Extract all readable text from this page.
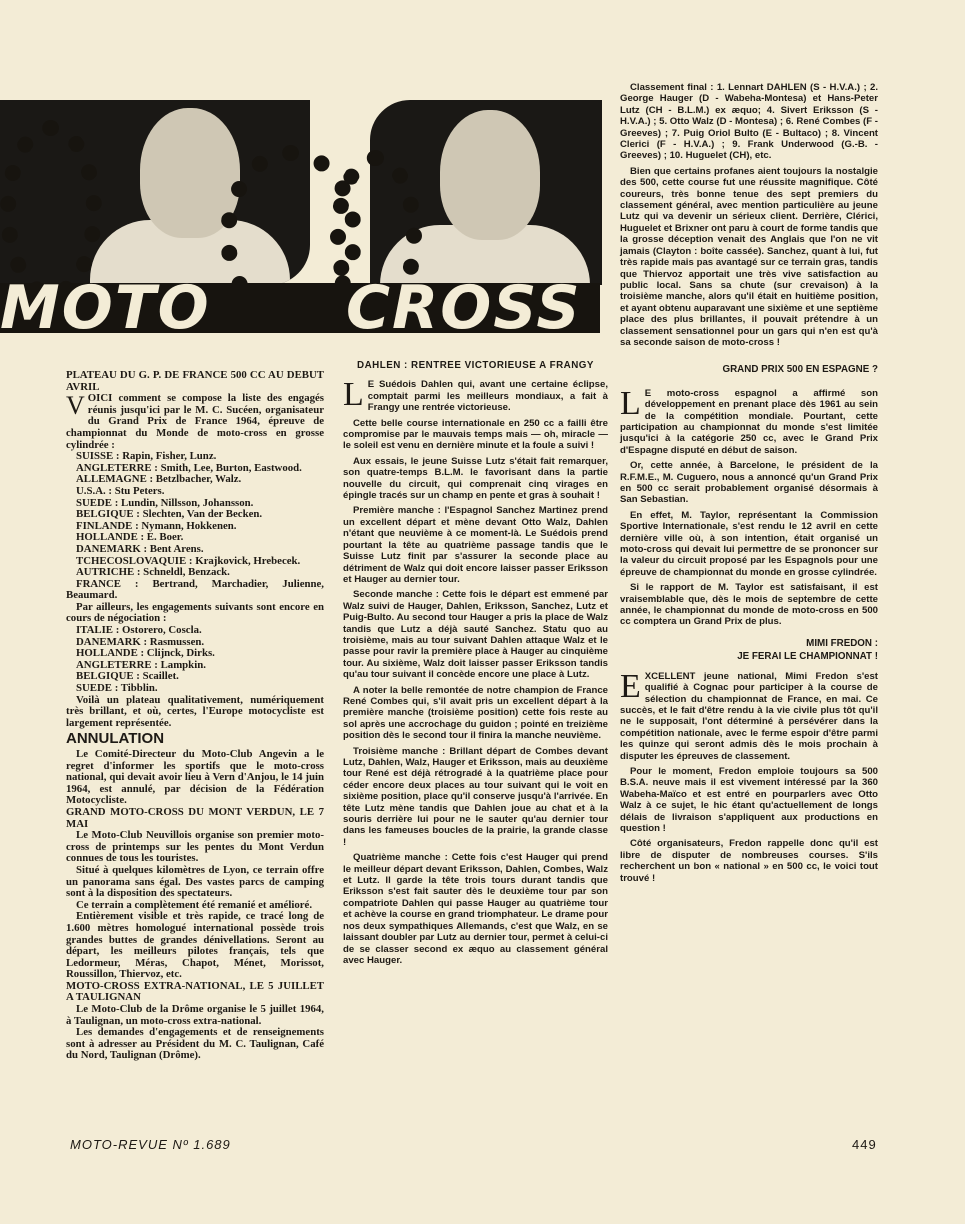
MOTO CROSS

PLATEAU DU G. P. DE FRANCE 500 CC AU DEBUT AVRIL

V OICI comment se compose la liste des engagés réunis jusqu'ici par le M. C. Sucéen, organisateur du Grand Prix de France 1964, épreuve de championnat du Monde de moto-cross en grosse cylindrée :

SUISSE : Rapin, Fisher, Lunz.

ANGLETERRE : Smith, Lee, Burton, Eastwood.

ALLEMAGNE : Betzlbacher, Walz.

U.S.A. : Stu Peters.

SUEDE : Lundin, Nillsson, Johansson.

BELGIQUE : Slechten, Van der Becken.

FINLANDE : Nymann, Hokkenen.

HOLLANDE : E. Boer.

DANEMARK : Bent Arens.

TCHECOSLOVAQUIE : Krajkovick, Hrebecek.

AUTRICHE : Schneldl, Benzack.

FRANCE : Bertrand, Marchadier, Julienne, Beaumard.

Par ailleurs, les engagements suivants sont encore en cours de négociation :

ITALIE : Ostorero, Coscla.

DANEMARK : Rasmussen.

HOLLANDE : Clijnck, Dirks.

ANGLETERRE : Lampkin.

BELGIQUE : Scaillet.

SUEDE : Tibblin.

Voilà un plateau qualitativement, numériquement très brillant, et où, certes, l'Europe motocycliste est largement représentée.

ANNULATION

Le Comité-Directeur du Moto-Club Angevin a le regret d'informer les sportifs que le moto-cross national, qui devait avoir lieu à Vern d'Anjou, le 14 juin 1964, est annulé, par décision de la Fédération Motocycliste.

GRAND MOTO-CROSS DU MONT VERDUN, LE 7 MAI

Le Moto-Club Neuvillois organise son premier moto-cross de printemps sur les pentes du Mont Verdun connues de tous les touristes.

Situé à quelques kilomètres de Lyon, ce terrain offre un panorama sans égal. Des vastes parcs de camping sont à la disposition des spectateurs.

Ce terrain a complètement été remanié et amélioré.

Entièrement visible et très rapide, ce tracé long de 1.600 mètres homologué international possède trois grandes buttes de grandes dénivellations. Seront au départ, les meilleurs pilotes français, tels que Ledormeur, Méras, Chapot, Ménet, Morissot, Roussillon, Thiervoz, etc.

MOTO-CROSS EXTRA-NATIONAL, LE 5 JUILLET A TAULIGNAN

Le Moto-Club de la Drôme organise le 5 juillet 1964, à Taulignan, un moto-cross extra-national.

Les demandes d'engagements et de renseignements sont à adresser au Président du M. C. Taulignan, Café du Nord, Taulignan (Drôme).

DAHLEN : RENTREE VICTORIEUSE A FRANGY

L E Suédois Dahlen qui, avant une certaine éclipse, comptait parmi les meilleurs mondiaux, a fait à Frangy une rentrée victorieuse.

Cette belle course internationale en 250 cc a failli être compromise par le mauvais temps mais — oh, miracle — le soleil est venu en dernière minute et la foule a suivi !

Aux essais, le jeune Suisse Lutz s'était fait remarquer, son quatre-temps B.L.M. le favorisant dans la partie nouvelle du circuit, qui comprenait cinq virages en épingle tracés sur un champ en pente et gras à souhait !

Première manche : l'Espagnol Sanchez Martinez prend un excellent départ et mène devant Otto Walz, Dahlen n'étant que neuvième à ce moment-là. Le Suédois prend pourtant la tête au quatrième passage tandis que le Suisse Lutz finit par s'assurer la seconde place au détriment de Walz qui doit encore laisser passer Eriksson et Hauger au dernier tour.

Seconde manche : Cette fois le départ est emmené par Walz suivi de Hauger, Dahlen, Eriksson, Sanchez, Lutz et Puig-Bulto. Au second tour Hauger a pris la place de Walz tandis que Lutz a déjà sauté Sanchez. Statu quo au troisième, mais au tour suivant Dahlen attaque Walz et le passe pour ravir la première place à Hauger au cinquième tour. Au sixième, Walz doit laisser passer Eriksson tandis qu'au tour suivant il concède encore une place à Lutz.

A noter la belle remontée de notre champion de France René Combes qui, s'il avait pris un excellent départ à la première manche (troisième position) cette fois reste au sol après une accrochage du guidon ; pointé en treizième position dès le second tour il finira la manche neuvième.

Troisième manche : Brillant départ de Combes devant Lutz, Dahlen, Walz, Hauger et Eriksson, mais au deuxième tour René est déjà rétrogradé à la quatrième place pour céder encore deux places au tour suivant qui le voit en sixième position, place qu'il conserve jusqu'à l'arrivée. En tête Lutz mène tandis que Dahlen joue au chat et à la souris derrière lui pour ne le sauter qu'au dernier tour dans les fameuses boucles de la prairie, la grande classe !

Quatrième manche : Cette fois c'est Hauger qui prend le meilleur départ devant Eriksson, Dahlen, Combes, Walz et Lutz. Il garde la tête trois tours durant tandis que Eriksson s'est fait sauter dès le deuxième tour par son compatriote Dahlen qui passe Hauger au quatrième tour et achève la course en grand triomphateur. Le drame pour nos deux sympathiques Allemands, c'est que Walz, en se laissant doubler par Lutz au dernier tour, permet à celui-ci de se classer second ex æquo au classement général avec Hauger.

Classement final : 1. Lennart DAHLEN (S - H.V.A.) ; 2. George Hauger (D - Wabeha-Montesa) et Hans-Peter Lutz (CH - B.L.M.) ex æquo; 4. Sivert Eriksson (S - H.V.A.) ; 5. Otto Walz (D - Montesa) ; 6. René Combes (F - Greeves) ; 7. Puig Oriol Bulto (E - Bultaco) ; 8. Vincent Clerici (F - H.V.A.) ; 9. Frank Underwood (G.-B. - Greeves) ; 10. Huguelet (CH), etc.

Bien que certains profanes aient toujours la nostalgie des 500, cette course fut une réussite magnifique. Côté coureurs, très bonne tenue des sept premiers du classement général, avec mention particulière au jeune Lutz qui va devenir un sérieux client. Derrière, Clérici, Huguelet et Brixner ont paru à court de forme tandis que la grosse déception venait des Anglais que l'on ne vit jamais (Clayton : boîte cassée). Sanchez, quant à lui, fut très rapide mais pas avantagé sur ce terrain gras, tandis que Thiervoz apportait une très vive satisfaction au public local. Sans sa chute (sur crevaison) à la troisième manche, alors qu'il était en huitième position, et ayant obtenu auparavant une sixième et une septième place des plus brillantes, il pouvait prétendre à un classement sensationnel pour un gars qui n'en est qu'à sa seconde saison de moto-cross !

GRAND PRIX 500 EN ESPAGNE ?

L E moto-cross espagnol a affirmé son développement en prenant place dès 1961 au sein de la compétition mondiale. Pourtant, cette participation au championnat du monde s'est limitée jusqu'ici à la catégorie 250 cc, avec le Grand Prix d'Espagne disputé en début de saison.

Or, cette année, à Barcelone, le président de la R.F.M.E., M. Cuguero, nous a annoncé qu'un Grand Prix en 500 cc serait probablement organisé désormais à San Sebastian.

En effet, M. Taylor, représentant la Commission Sportive Internationale, s'est rendu le 12 avril en cette dernière ville où, à son intention, était organisé un moto-cross qui devait lui permettre de se prononcer sur la valeur du circuit proposé par les Espagnols pour une épreuve de championnat du monde en grosse cylindrée.

Si le rapport de M. Taylor est satisfaisant, il est vraisemblable que, dès le mois de septembre de cette année, le championnat du monde de moto-cross en 500 cc comptera un Grand Prix de plus.

MIMI FREDON :
JE FERAI LE CHAMPIONNAT !

E XCELLENT jeune national, Mimi Fredon s'est qualifié à Cognac pour participer à la course de sélection du championnat de France, en mai. Ce succès, et le fait d'être rendu à la vie civile plus tôt qu'il ne le supposait, l'ont déterminé à persévérer dans la compétition nationale, avec le ferme espoir d'être parmi les quinze qui seront admis dès le mois prochain à disputer les épreuves de classement.

Pour le moment, Fredon emploie toujours sa 500 B.S.A. neuve mais il est vivement intéressé par la 360 Wabeha-Maïco et est entré en pourparlers avec Otto Walz à ce sujet, le hic étant qu'actuellement de longs délais de livraison s'appliquent aux productions en question !

Côté organisateurs, Fredon rappelle donc qu'il est libre de disputer de nombreuses courses. S'ils recherchent un bon « national » en 500 cc, le voici tout trouvé !

MOTO-REVUE Nº 1.689	449
